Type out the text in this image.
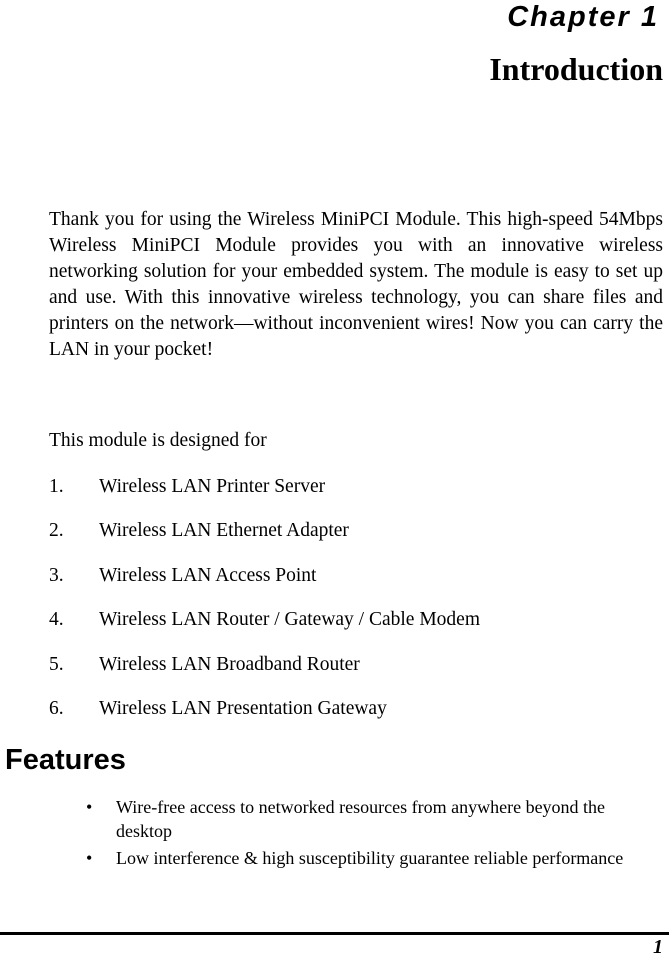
Chapter 1
Introduction

Thank you for using the Wireless MiniPCI Module. This high-speed 54Mbps Wireless MiniPCI Module provides you with an innovative wireless networking solution for your embedded system. The module is easy to set up and use. With this innovative wireless technology, you can share files and printers on the network—without inconvenient wires! Now you can carry the LAN in your pocket!

This module is designed for

1. Wireless LAN Printer Server
2. Wireless LAN Ethernet Adapter
3. Wireless LAN Access Point
4. Wireless LAN Router / Gateway / Cable Modem
5. Wireless LAN Broadband Router
6. Wireless LAN Presentation Gateway
Features
• Wire-free access to networked resources from anywhere beyond the desktop
• Low interference & high susceptibility guarantee reliable performance

1
